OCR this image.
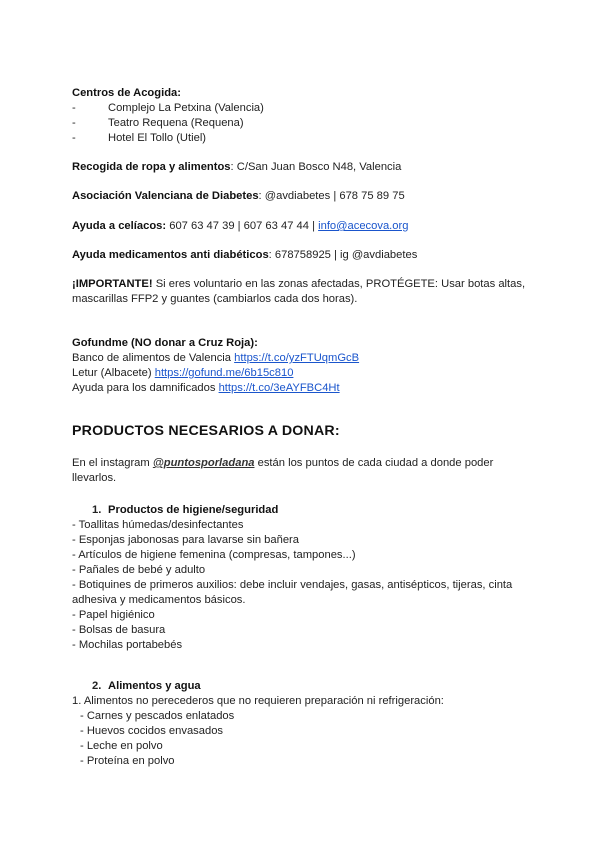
Centros de Acogida:
-	Complejo La Petxina (Valencia)
-	Teatro Requena (Requena)
-	Hotel El Tollo (Utiel)
Recogida de ropa y alimentos: C/San Juan Bosco N48, Valencia
Asociación Valenciana de Diabetes: @avdiabetes | 678 75 89 75
Ayuda a celíacos: 607 63 47 39 | 607 63 47 44 | info@acecova.org
Ayuda medicamentos anti diabéticos: 678758925 | ig @avdiabetes
¡IMPORTANTE! Si eres voluntario en las zonas afectadas, PROTÉGETE: Usar botas altas,
mascarillas FFP2 y guantes (cambiarlos cada dos horas).
Gofundme (NO donar a Cruz Roja):
Banco de alimentos de Valencia https://t.co/yzFTUqmGcB
Letur (Albacete) https://gofund.me/6b15c810
Ayuda para los damnificados https://t.co/3eAYFBC4Ht
PRODUCTOS NECESARIOS A DONAR:
En el instagram @puntosporladana están los puntos de cada ciudad a donde poder
llevarlos.
1. Productos de higiene/seguridad
- Toallitas húmedas/desinfectantes
- Esponjas jabonosas para lavarse sin bañera
- Artículos de higiene femenina (compresas, tampones...)
- Pañales de bebé y adulto
- Botiquines de primeros auxilios: debe incluir vendajes, gasas, antisépticos, tijeras, cinta
adhesiva y medicamentos básicos.
- Papel higiénico
- Bolsas de basura
- Mochilas portabebés
2. Alimentos y agua
1. Alimentos no perecederos que no requieren preparación ni refrigeración:
- Carnes y pescados enlatados
- Huevos cocidos envasados
- Leche en polvo
- Proteína en polvo
